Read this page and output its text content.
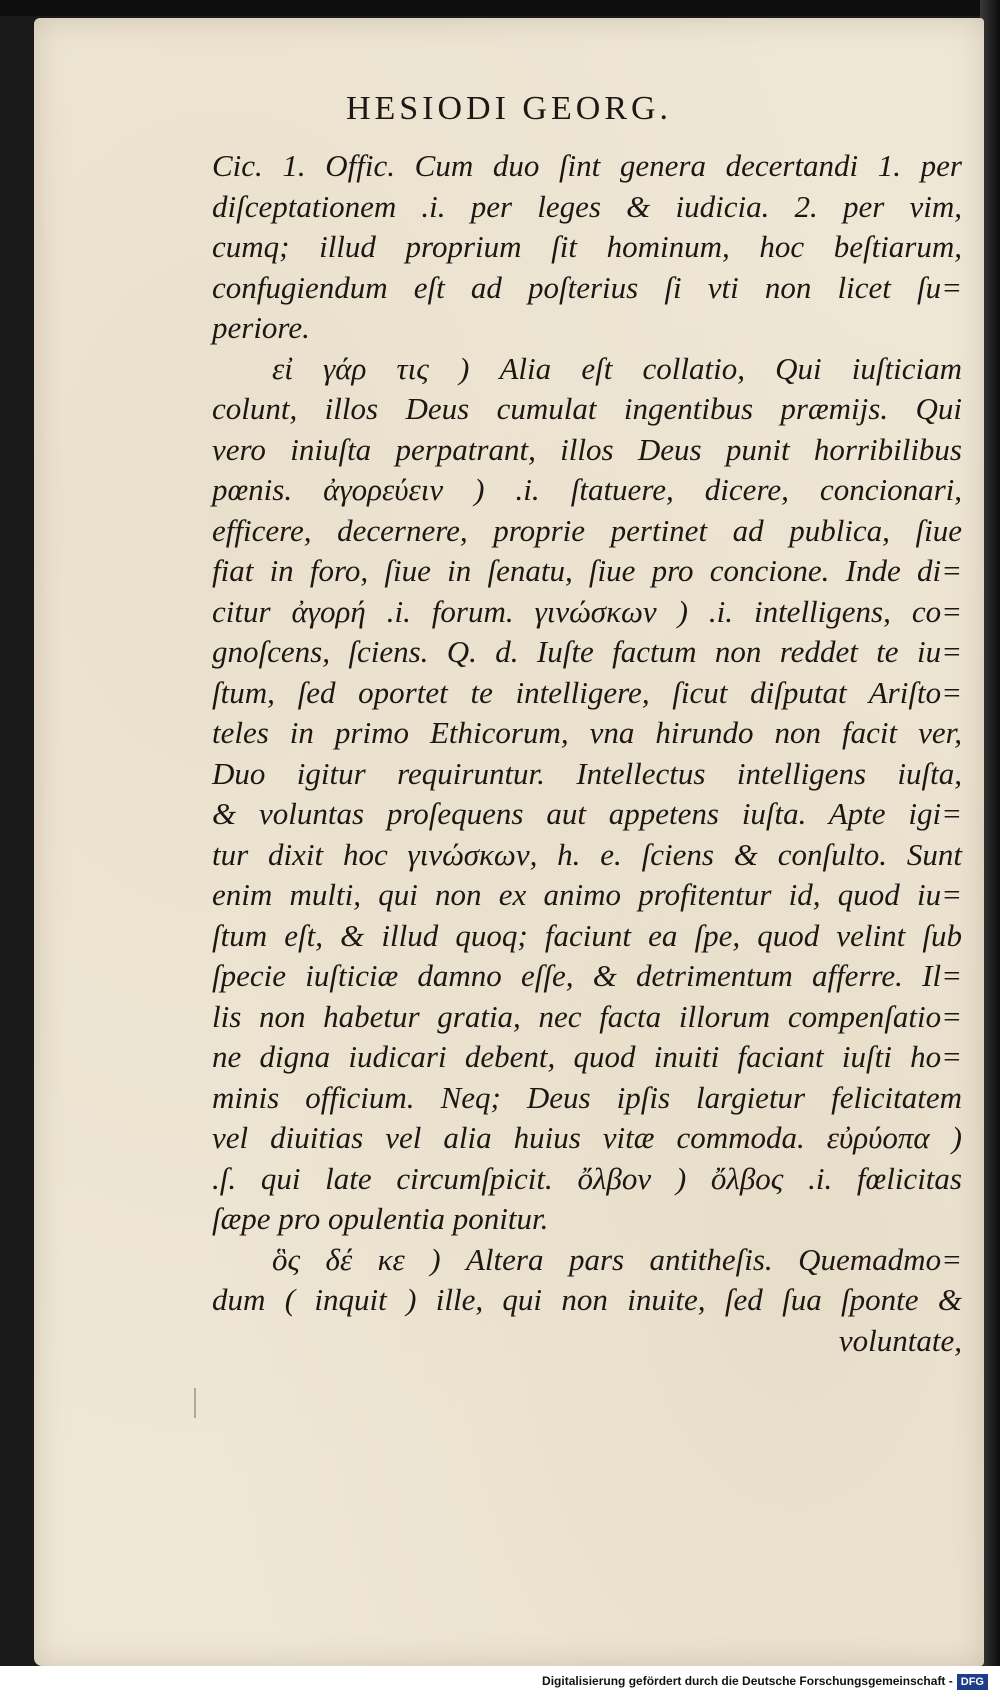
HESIODI GEORG.
Cic. 1. Offic. Cum duo ſint genera decertandi 1. per
diſceptationem .i. per leges & iudicia. 2. per vim,
cumq; illud proprium ſit hominum, hoc beſtiarum,
confugiendum eſt ad poſterius ſi vti non licet ſu=
periore.
εἰ γάρ τις ) Alia eſt collatio, Qui iuſticiam
colunt, illos Deus cumulat ingentibus præmijs. Qui
vero iniuſta perpatrant, illos Deus punit horribilibus
pœnis. ἀγορεύειν ) .i. ſtatuere, dicere, concionari,
efficere, decernere, proprie pertinet ad publica, ſiue
fiat in foro, ſiue in ſenatu, ſiue pro concione. Inde di=
citur ἀγορή .i. forum. γινώσκων ) .i. intelligens, co=
gnoſcens, ſciens. Q. d. Iuſte factum non reddet te iu=
ſtum, ſed oportet te intelligere, ſicut diſputat Ariſto=
teles in primo Ethicorum, vna hirundo non facit ver,
Duo igitur requiruntur. Intellectus intelligens iuſta,
& voluntas proſequens aut appetens iuſta. Apte igi=
tur dixit hoc γινώσκων, h. e. ſciens & conſulto. Sunt
enim multi, qui non ex animo profitentur id, quod iu=
ſtum eſt, & illud quoq; faciunt ea ſpe, quod velint ſub
ſpecie iuſticiæ damno eſſe, & detrimentum afferre. Il=
lis non habetur gratia, nec facta illorum compenſatio=
ne digna iudicari debent, quod inuiti faciant iuſti ho=
minis officium. Neq; Deus ipſis largietur felicitatem
vel diuitias vel alia huius vitæ commoda. εὐρύοπα )
.ſ. qui late circumſpicit. ὄλβον ) ὄλβος .i. fœlicitas
ſæpe pro opulentia ponitur.
ὃς δέ κε ) Altera pars antitheſis. Quemadmo=
dum ( inquit ) ille, qui non inuite, ſed ſua ſponte &
voluntate,
Digitalisierung gefördert durch die Deutsche Forschungsgemeinschaft - DFG
